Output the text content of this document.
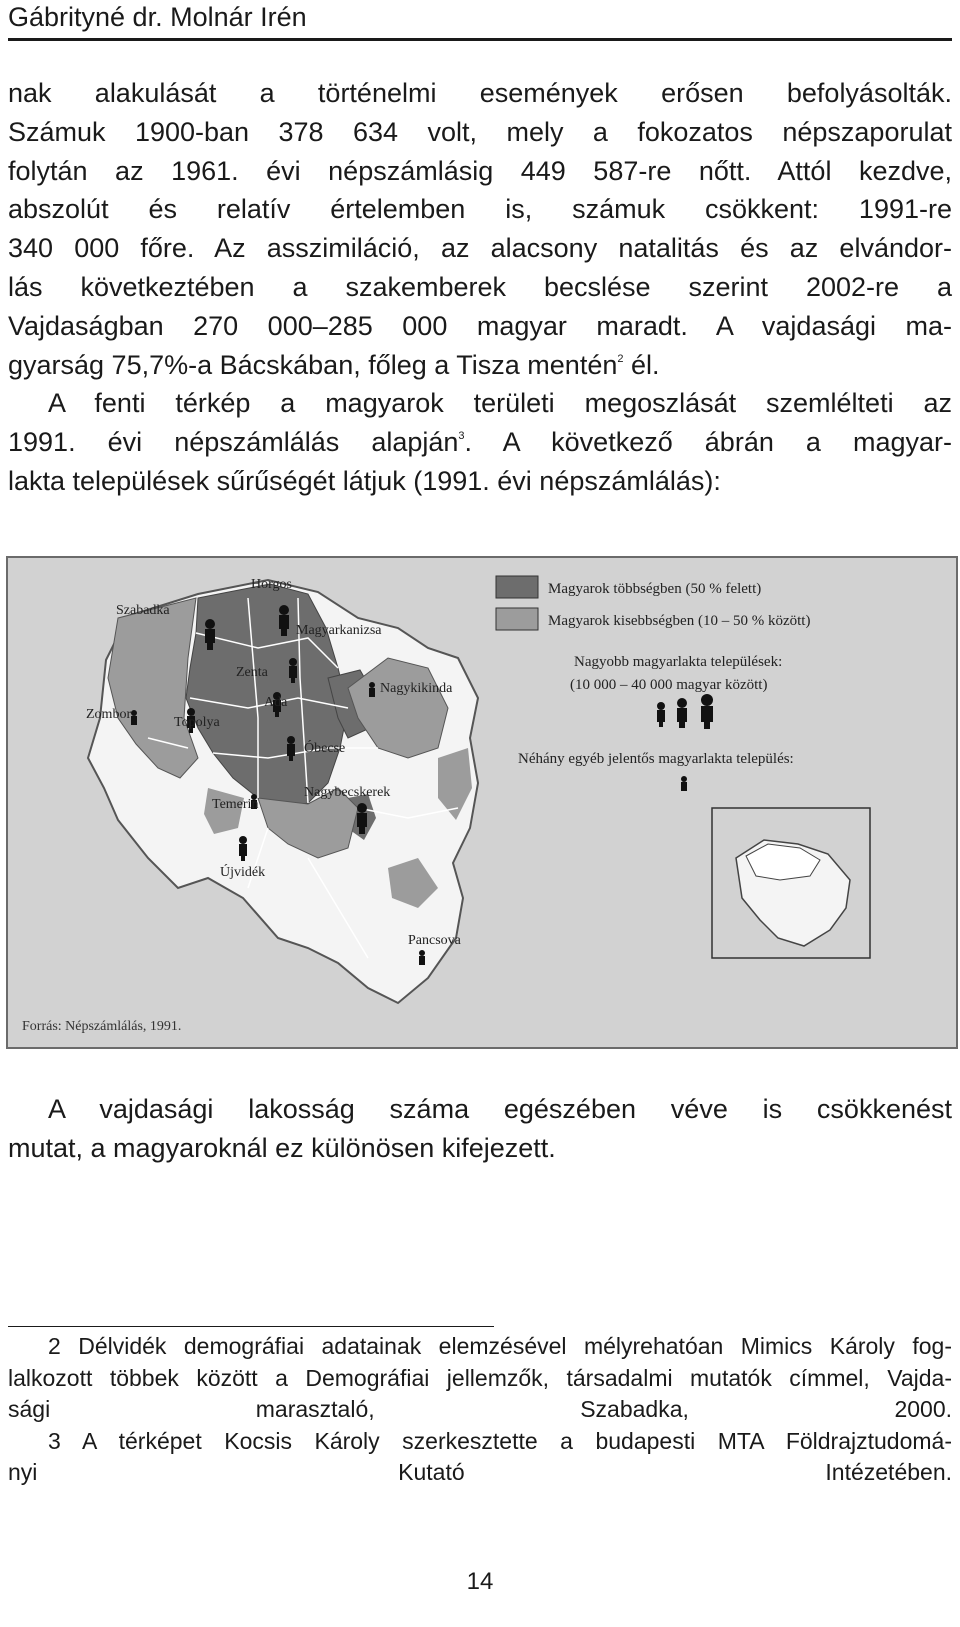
Gábrityné dr. Molnár Irén
nak alakulását a történelmi események erősen befolyásolták.
Számuk 1900-ban 378 634 volt, mely a fokozatos népszaporulat
folytán az 1961. évi népszámlásig 449 587-re nőtt. Attól kezdve,
abszolút és relatív értelemben is, számuk csökkent: 1991-re
340 000 főre. Az asszimiláció, az alacsony natalitás és az elvándor-
lás következtében a szakemberek becslése szerint 2002-re a
Vajdaságban 270 000–285 000 magyar maradt. A vajdasági ma-
gyarság 75,7%-a Bácskában, főleg a Tisza mentén$^2$ él.
A fenti térkép a magyarok területi megoszlását szemlélteti az
1991. évi népszámlálás alapján$^3$. A következő ábrán a magyar-
lakta települések sűrűségét látjuk (1991. évi népszámlálás):
Horgos
Szabadka
Magyarkanizsa
Zenta
Ada
Nagykikinda
Zombor
Topolya
Óbecse
Nagybecskerek
Temerin
Újvidék
Pancsova
Magyarok többségben (50 % felett)
Magyarok kisebbségben (10 – 50 % között)
Nagyobb magyarlakta települések:
(10 000 – 40 000 magyar között)
Néhány egyéb jelentős magyarlakta település:
Forrás: Népszámlálás, 1991.
A vajdasági lakosság száma egészében véve is csökkenést
mutat, a magyaroknál ez különösen kifejezett.
2 Délvidék demográfiai adatainak elemzésével mélyrehatóan Mimics Károly fog-
lalkozott többek között a Demográfiai jellemzők, társadalmi mutatók címmel, Vajda-
sági marasztaló, Szabadka, 2000.
3 A térképet Kocsis Károly szerkesztette a budapesti MTA Földrajztudomá-
nyi Kutató Intézetében.
14
